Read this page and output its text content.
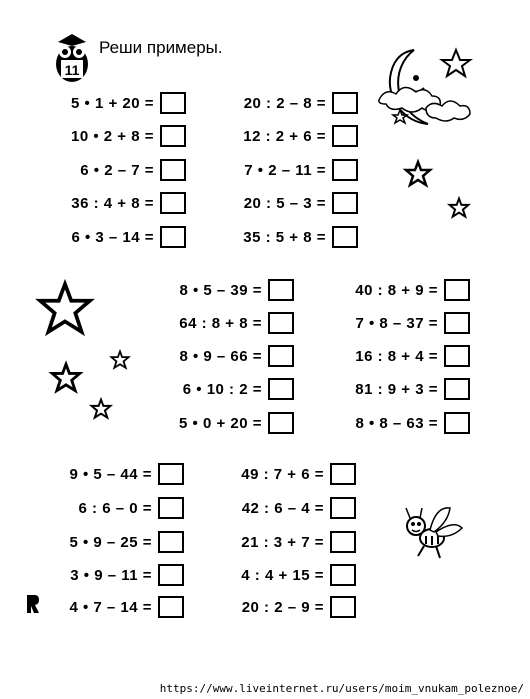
11
Реши примеры.
5 • 1 + 20 =
10 • 2 + 8 =
6 • 2 – 7 =
36 : 4 + 8 =
6 • 3 – 14 =
20 : 2 – 8 =
12 : 2 + 6 =
7 • 2 – 11 =
20 : 5 – 3 =
35 : 5 + 8 =
8 • 5 – 39 =
64 : 8 + 8 =
8 • 9 – 66 =
6 • 10 : 2 =
5 • 0 + 20 =
40 : 8 + 9 =
7 • 8 – 37 =
16 : 8 + 4 =
81 : 9 + 3 =
8 • 8 – 63 =
9 • 5 – 44 =
6 : 6 – 0 =
5 • 9 – 25 =
3 • 9 – 11 =
4 • 7 – 14 =
49 : 7 + 6 =
42 : 6 – 4 =
21 : 3 + 7 =
4 : 4 + 15 =
20 : 2 – 9 =
https://www.liveinternet.ru/users/moim_vnukam_poleznoe/
